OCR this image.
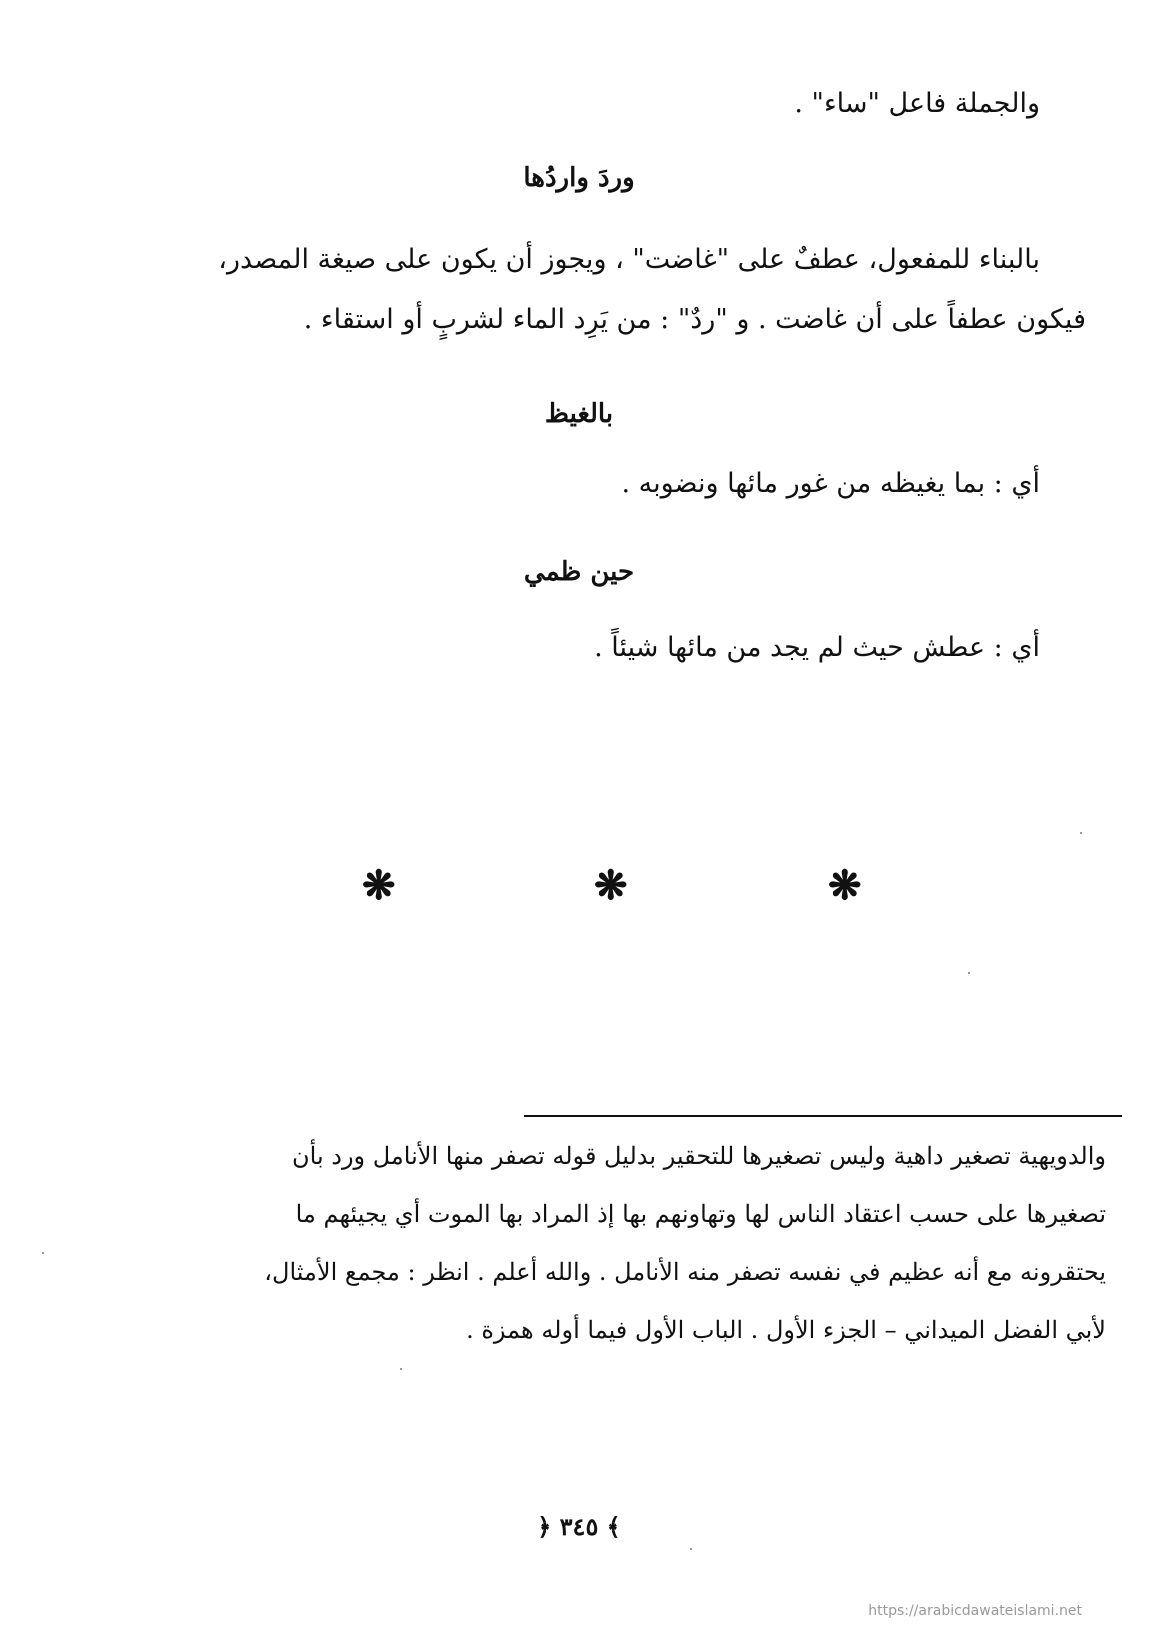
والجملة فاعل "ساء" .
وردَ واردُها
بالبناء للمفعول، عطفٌ على "غاضت" ، ويجوز أن يكون على صيغة المصدر،
فيكون عطفاً على أن غاضت . و "ردٌ" : من يَرِد الماء لشربٍ أو استقاء .
بالغيظ
أي : بما يغيظه من غور مائها ونضوبه .
حين ظمي
أي : عطش حيث لم يجد من مائها شيئاً .
❋	❋	❋
والدويهية تصغير داهية وليس تصغيرها للتحقير بدليل قوله تصفر منها الأنامل ورد بأن
تصغيرها على حسب اعتقاد الناس لها وتهاونهم بها إذ المراد بها الموت أي يجيئهم ما
يحتقرونه مع أنه عظيم في نفسه تصفر منه الأنامل . والله أعلم . انظر : مجمع الأمثال،
لأبي الفضل الميداني – الجزء الأول . الباب الأول فيما أوله همزة .
﴿ ٣٤٥ ﴾
https://arabicdawateislami.net
